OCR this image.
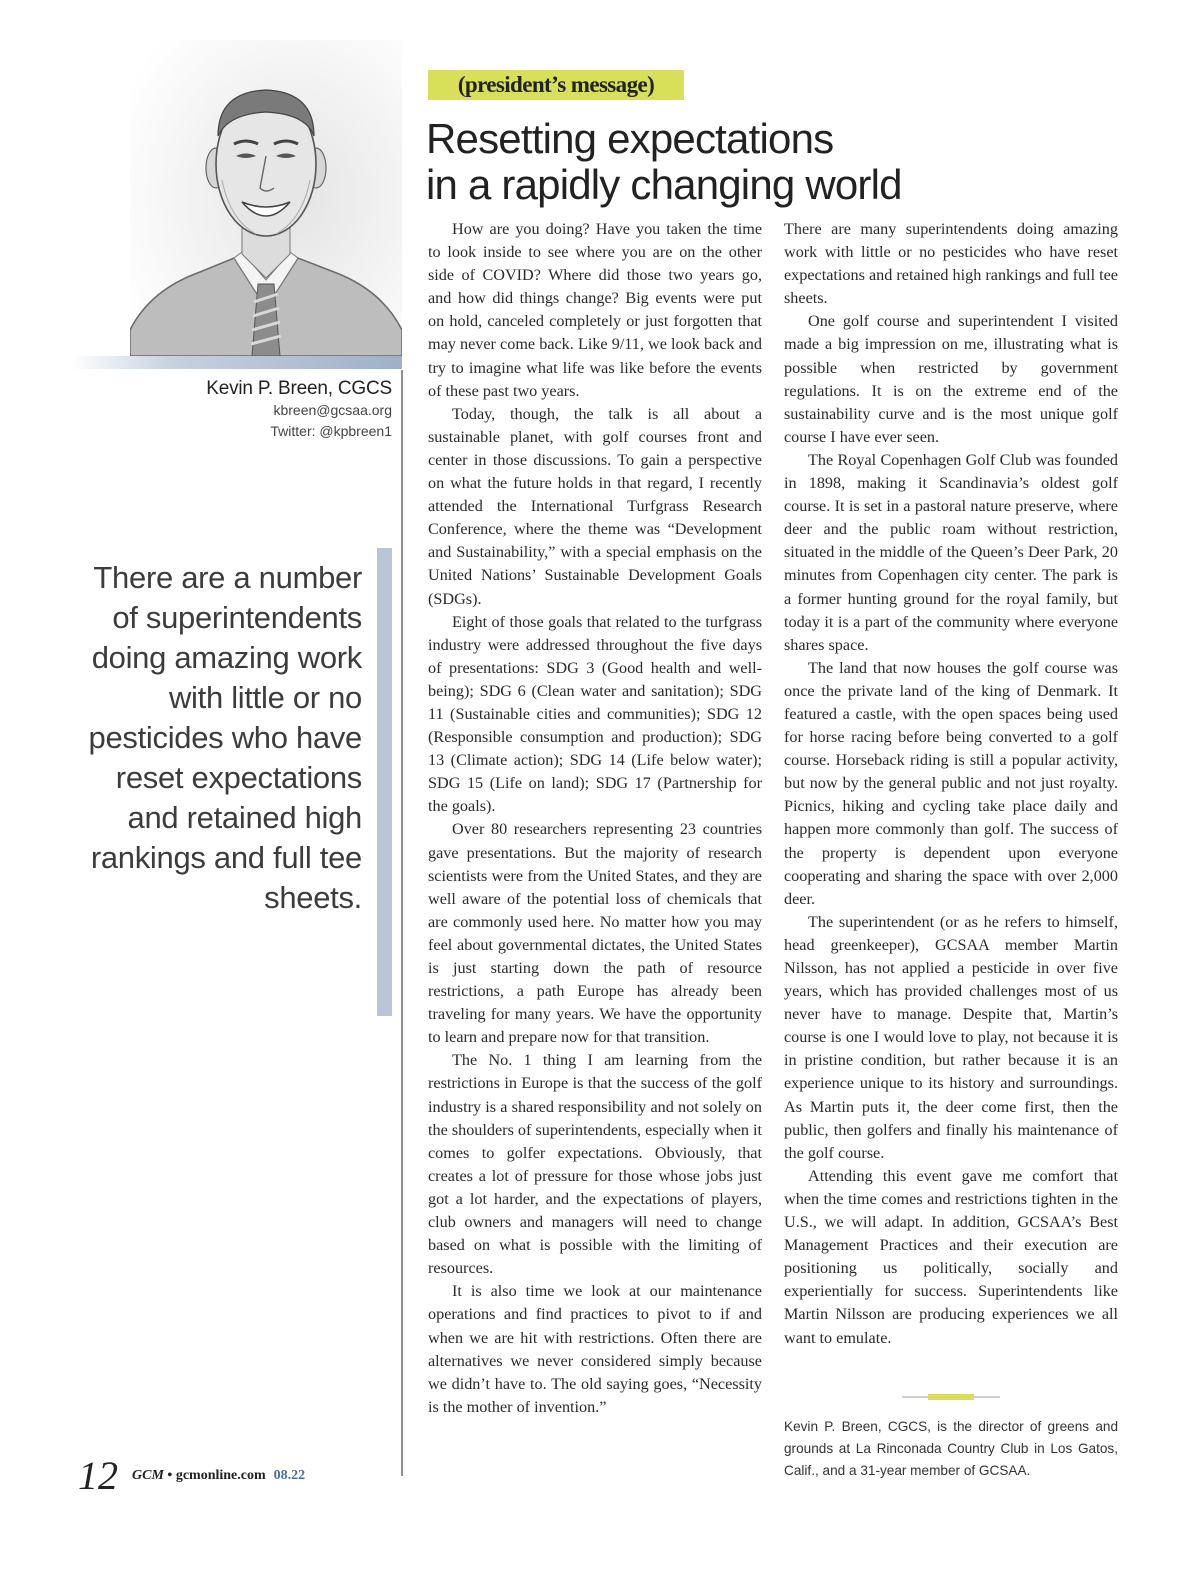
Kevin P. Breen, CGCS
kbreen@gcsaa.org
Twitter: @kpbreen1
There are a number of superintendents doing amazing work with little or no pesticides who have reset expectations and retained high rankings and full tee sheets.
(president’s message)
Resetting expectations
in a rapidly changing world

How are you doing? Have you taken the time to look inside to see where you are on the other side of COVID? Where did those two years go, and how did things change? Big events were put on hold, canceled completely or just forgotten that may never come back. Like 9/11, we look back and try to imagine what life was like before the events of these past two years.

Today, though, the talk is all about a sustainable planet, with golf courses front and center in those discussions. To gain a perspective on what the future holds in that regard, I recently attended the International Turfgrass Research Conference, where the theme was “Development and Sustainability,” with a special emphasis on the United Nations’ Sustainable Development Goals (SDGs).

Eight of those goals that related to the turfgrass industry were addressed throughout the five days of presentations: SDG 3 (Good health and well-being); SDG 6 (Clean water and sanitation); SDG 11 (Sustainable cities and communities); SDG 12 (Responsible consumption and production); SDG 13 (Climate action); SDG 14 (Life below water); SDG 15 (Life on land); SDG 17 (Partnership for the goals).

Over 80 researchers representing 23 countries gave presentations. But the majority of research scientists were from the United States, and they are well aware of the potential loss of chemicals that are commonly used here. No matter how you may feel about governmental dictates, the United States is just starting down the path of resource restrictions, a path Europe has already been traveling for many years. We have the opportunity to learn and prepare now for that transition.

The No. 1 thing I am learning from the restrictions in Europe is that the success of the golf industry is a shared responsibility and not solely on the shoulders of superintendents, especially when it comes to golfer expectations. Obviously, that creates a lot of pressure for those whose jobs just got a lot harder, and the expectations of players, club owners and managers will need to change based on what is possible with the limiting of resources.

It is also time we look at our maintenance operations and find practices to pivot to if and when we are hit with restrictions. Often there are alternatives we never considered simply because we didn’t have to. The old saying goes, “Necessity is the mother of invention.”

There are many superintendents doing amazing work with little or no pesticides who have reset expectations and retained high rankings and full tee sheets.

One golf course and superintendent I visited made a big impression on me, illustrating what is possible when restricted by government regulations. It is on the extreme end of the sustainability curve and is the most unique golf course I have ever seen.

The Royal Copenhagen Golf Club was founded in 1898, making it Scandinavia’s oldest golf course. It is set in a pastoral nature preserve, where deer and the public roam without restriction, situated in the middle of the Queen’s Deer Park, 20 minutes from Copenhagen city center. The park is a former hunting ground for the royal family, but today it is a part of the community where everyone shares space.

The land that now houses the golf course was once the private land of the king of Denmark. It featured a castle, with the open spaces being used for horse racing before being converted to a golf course. Horseback riding is still a popular activity, but now by the general public and not just royalty. Picnics, hiking and cycling take place daily and happen more commonly than golf. The success of the property is dependent upon everyone cooperating and sharing the space with over 2,000 deer.

The superintendent (or as he refers to himself, head greenkeeper), GCSAA member Martin Nilsson, has not applied a pesticide in over five years, which has provided challenges most of us never have to manage. Despite that, Martin’s course is one I would love to play, not because it is in pristine condition, but rather because it is an experience unique to its history and surroundings. As Martin puts it, the deer come first, then the public, then golfers and finally his maintenance of the golf course.

Attending this event gave me comfort that when the time comes and restrictions tighten in the U.S., we will adapt. In addition, GCSAA’s Best Management Practices and their execution are positioning us politically, socially and experientially for success. Superintendents like Martin Nilsson are producing experiences we all want to emulate.

Kevin P. Breen, CGCS, is the director of greens and grounds at La Rinconada Country Club in Los Gatos, Calif., and a 31-year member of GCSAA.
12 GCM • gcmonline.com 08.22
